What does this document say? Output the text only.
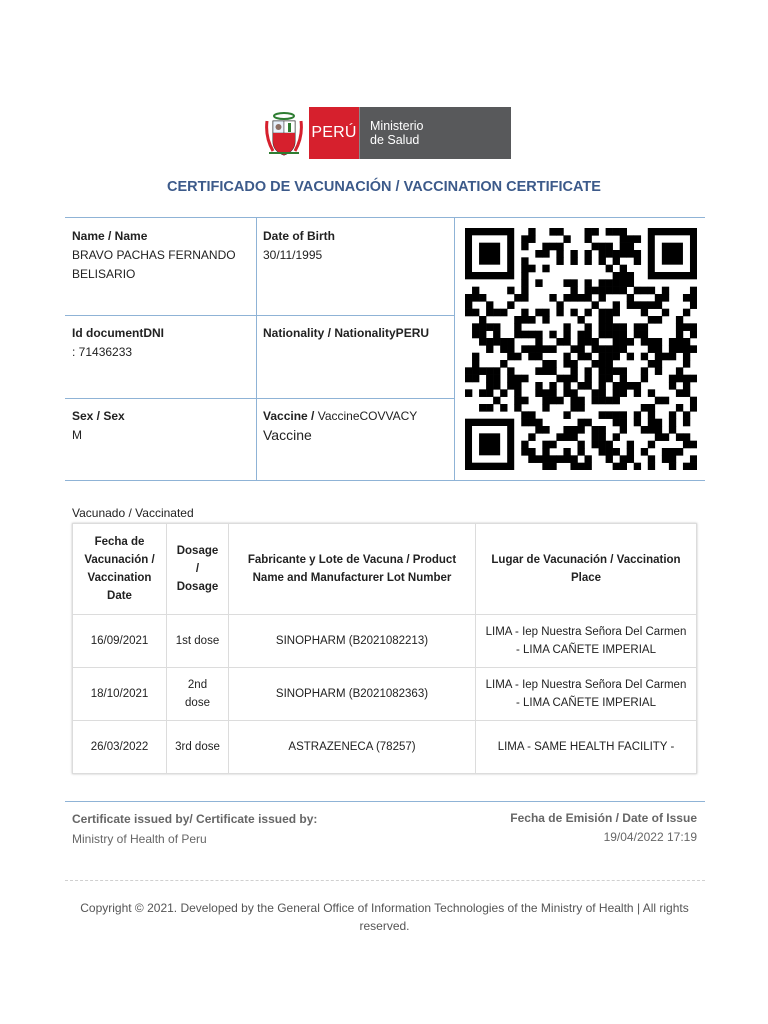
PERÚ Ministerio
de Salud
CERTIFICADO DE VACUNACIÓN / VACCINATION CERTIFICATE
Name / Name
BRAVO PACHAS FERNANDO BELISARIO
Date of Birth
30/11/1995
Id documentDNI
: 71436233
Nationality / NationalityPERU
Sex / Sex
M
Vaccine / VaccineCOVVACY
Vaccine
Vacunado / Vaccinated
Fecha de Vacunación / Vaccination Date	Dosage / Dosage	Fabricante y Lote de Vacuna / Product Name and Manufacturer Lot Number	Lugar de Vacunación / Vaccination Place
16/09/2021	1st dose	SINOPHARM (B2021082213)	LIMA - Iep Nuestra Señora Del Carmen - LIMA CAÑETE IMPERIAL
18/10/2021	2nd dose	SINOPHARM (B2021082363)	LIMA - Iep Nuestra Señora Del Carmen - LIMA CAÑETE IMPERIAL
26/03/2022	3rd dose	ASTRAZENECA (78257)	LIMA - SAME HEALTH FACILITY -
Certificate issued by/ Certificate issued by:
Ministry of Health of Peru
Fecha de Emisión / Date of Issue
19/04/2022 17:19
Copyright © 2021. Developed by the General Office of Information Technologies of the Ministry of Health | All rights reserved.
